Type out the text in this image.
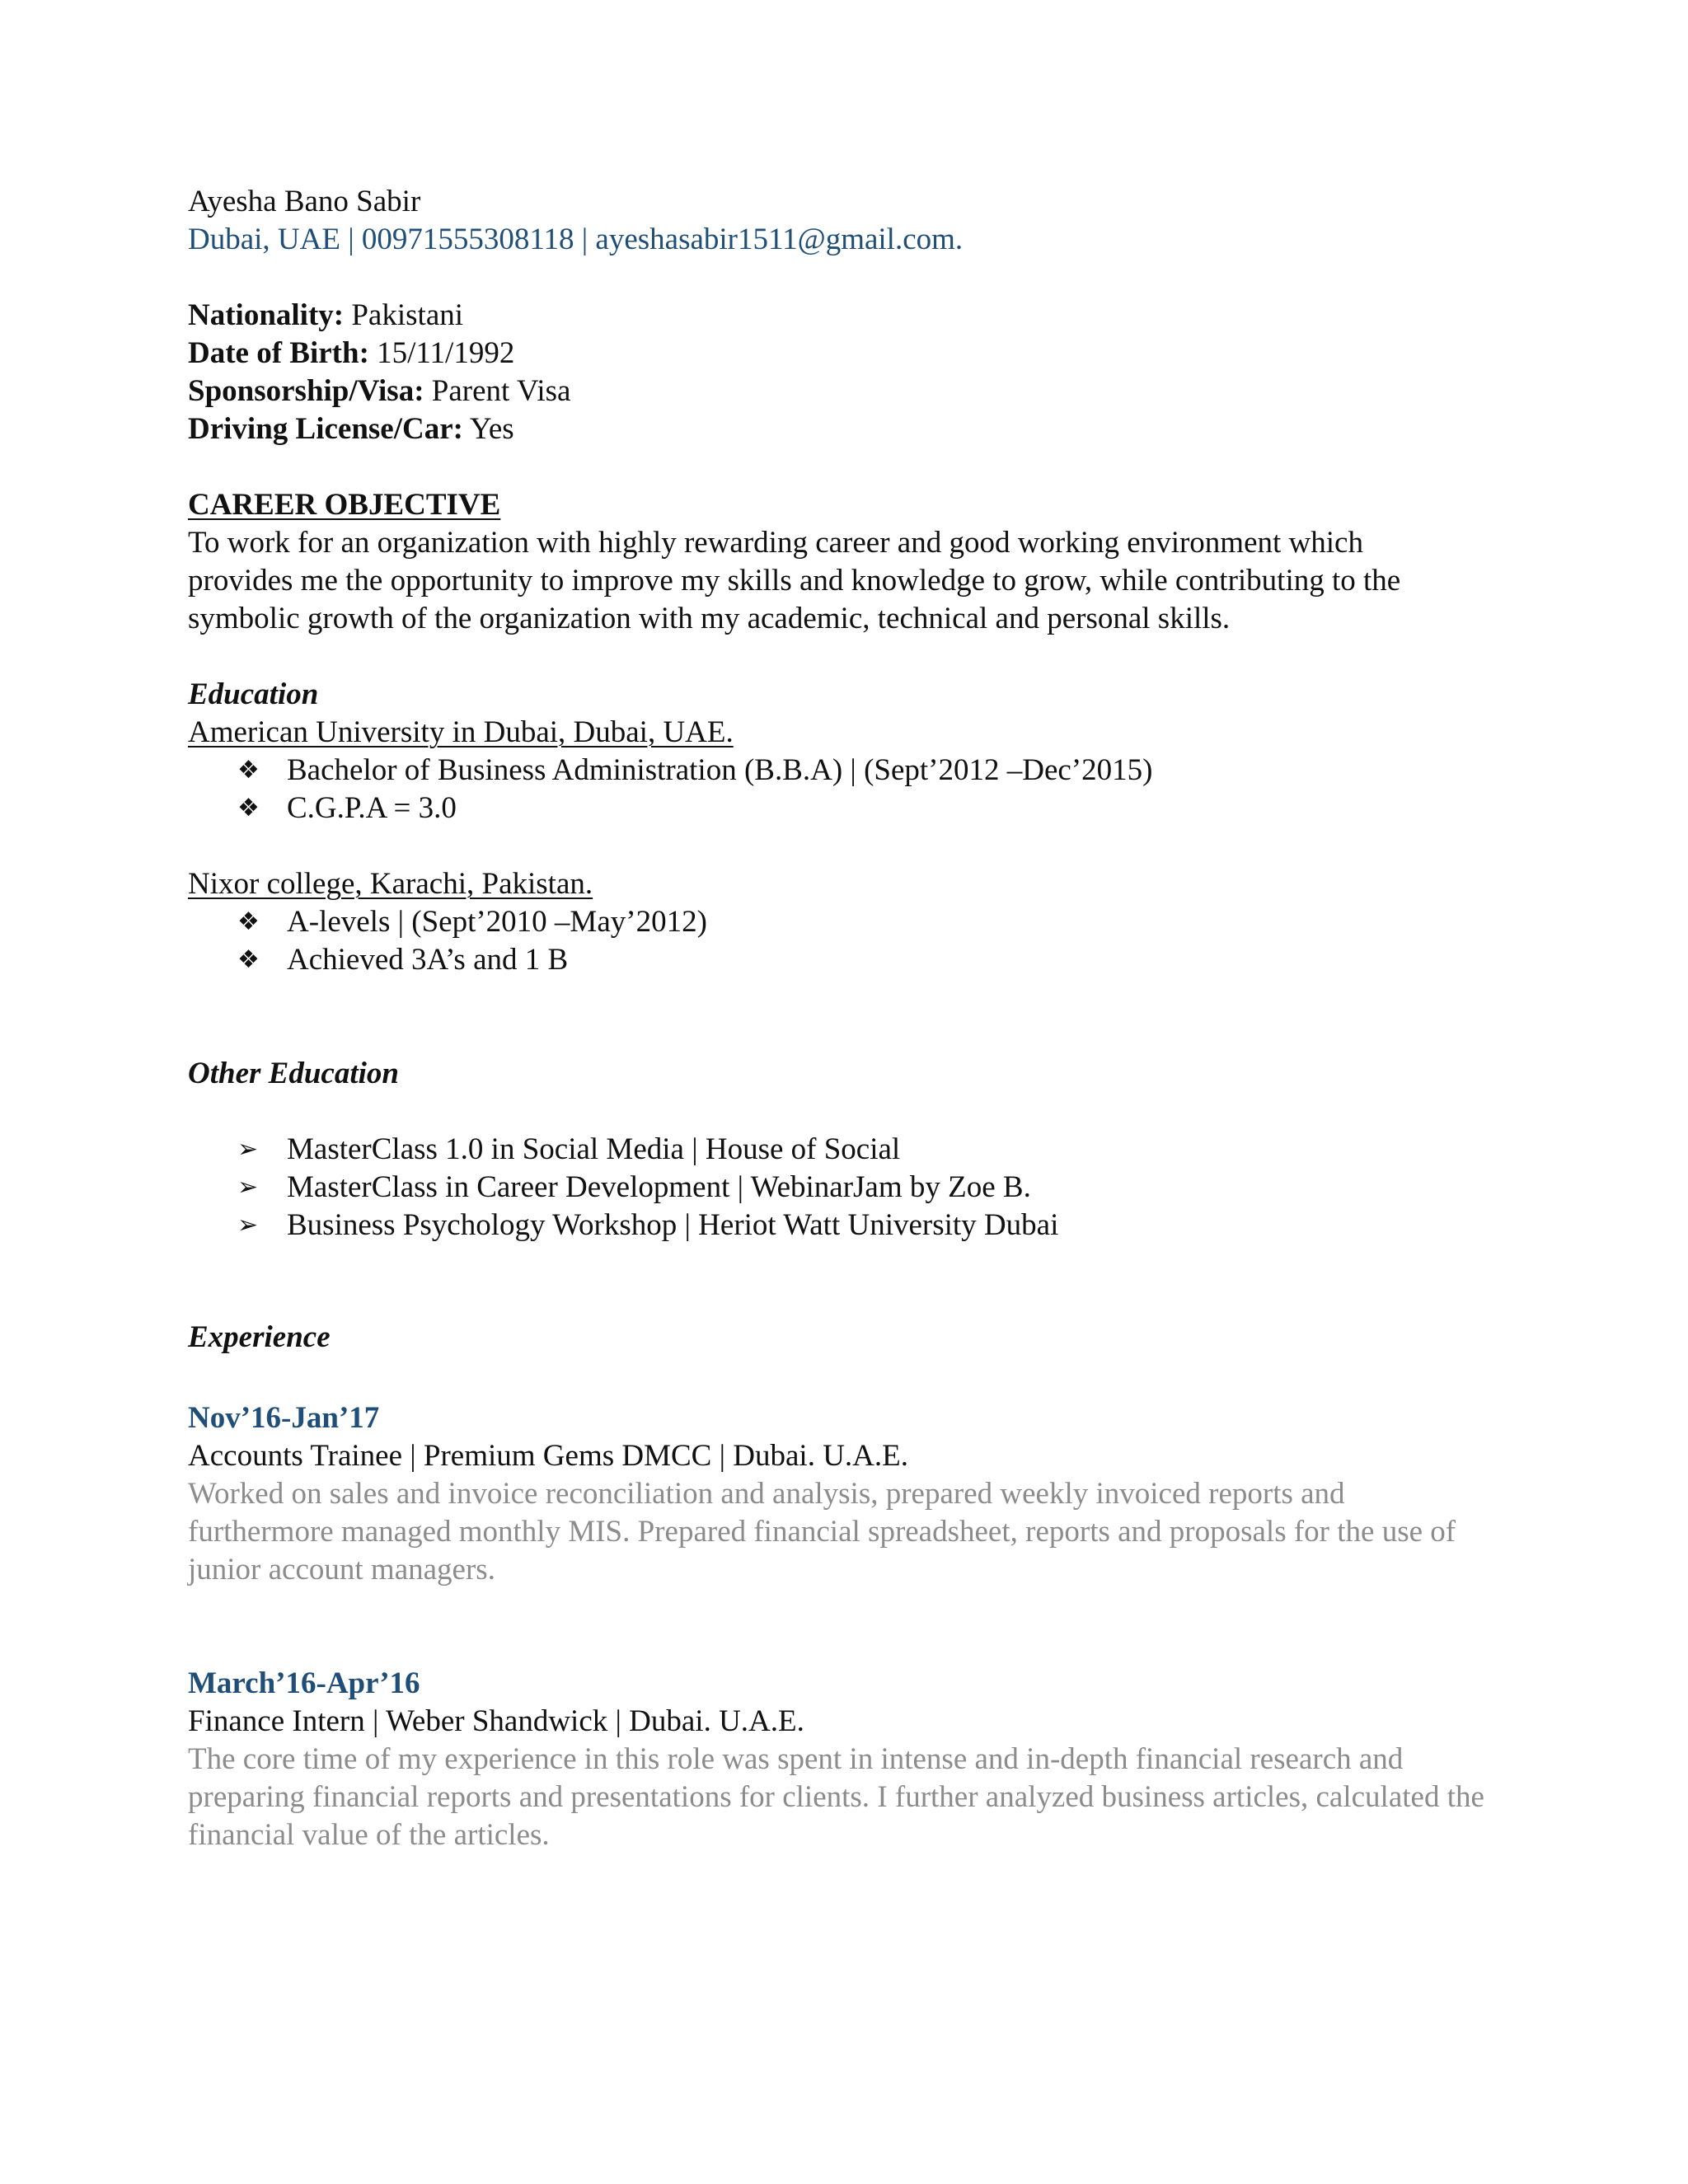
Ayesha Bano Sabir
Dubai, UAE | 00971555308118 | ayeshasabir1511@gmail.com.
Nationality: Pakistani
Date of Birth: 15/11/1992
Sponsorship/Visa: Parent Visa
Driving License/Car: Yes
CAREER OBJECTIVE
To work for an organization with highly rewarding career and good working environment which provides me the opportunity to improve my skills and knowledge to grow, while contributing to the symbolic growth of the organization with my academic, technical and personal skills.
Education
American University in Dubai, Dubai, UAE.
❖ Bachelor of Business Administration (B.B.A) | (Sept’2012 –Dec’2015)
❖ C.G.P.A = 3.0
Nixor college, Karachi, Pakistan.
❖ A-levels | (Sept’2010 –May’2012)
❖ Achieved 3A’s and 1 B
Other Education
➢ MasterClass 1.0 in Social Media | House of Social
➢ MasterClass in Career Development | WebinarJam by Zoe B.
➢ Business Psychology Workshop | Heriot Watt University Dubai
Experience
Nov’16-Jan’17
Accounts Trainee | Premium Gems DMCC | Dubai. U.A.E.
Worked on sales and invoice reconciliation and analysis, prepared weekly invoiced reports and furthermore managed monthly MIS. Prepared financial spreadsheet, reports and proposals for the use of junior account managers.
March’16-Apr’16
Finance Intern | Weber Shandwick | Dubai. U.A.E.
The core time of my experience in this role was spent in intense and in-depth financial research and preparing financial reports and presentations for clients. I further analyzed business articles, calculated the financial value of the articles.
